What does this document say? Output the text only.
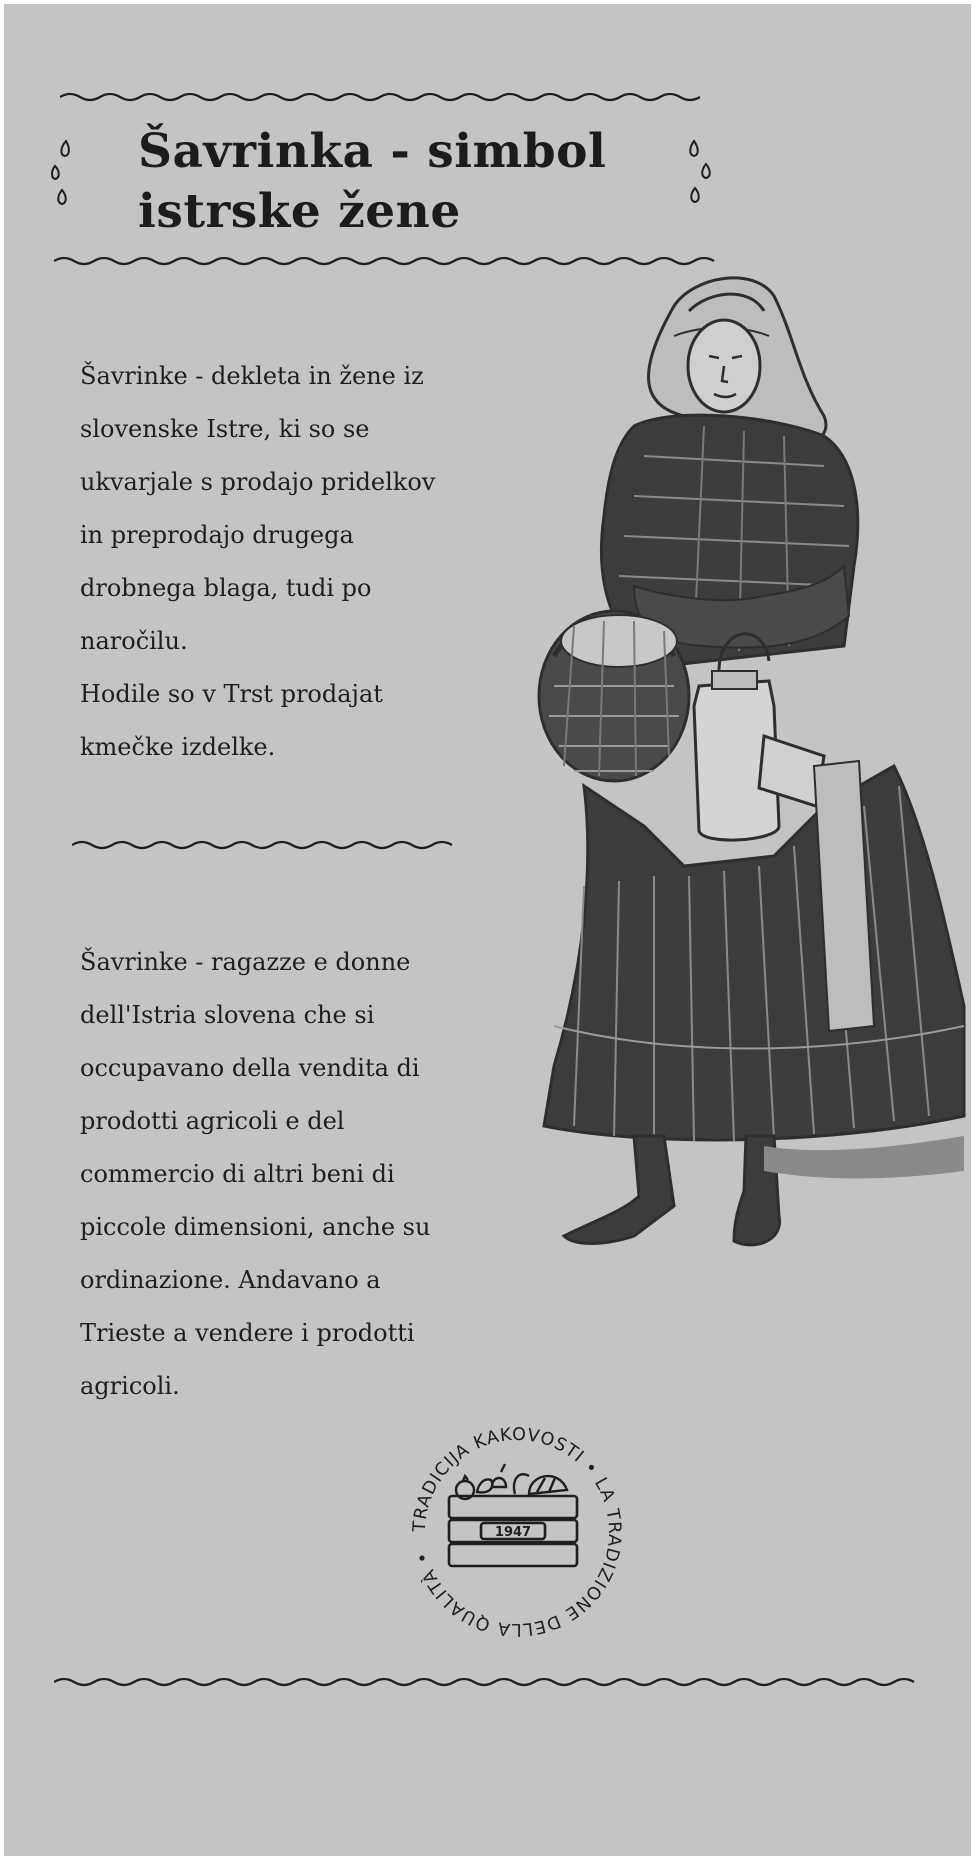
Šavrinka - simbol
istrske žene

Šavrinke - dekleta in žene iz
slovenske Istre, ki so se
ukvarjale s prodajo pridelkov
in preprodajo drugega
drobnega blaga, tudi po
naročilu.
Hodile so v Trst prodajat
kmečke izdelke.

Šavrinke - ragazze e donne
dell'Istria slovena che si
occupavano della vendita di
prodotti agricoli e del
commercio di altri beni di
piccole dimensioni, anche su
ordinazione. Andavano a
Trieste a vendere i prodotti
agricoli.

TRADICIJA KAKOVOSTI • LA TRADIZIONE DELLA QUALITÀ •
1947
